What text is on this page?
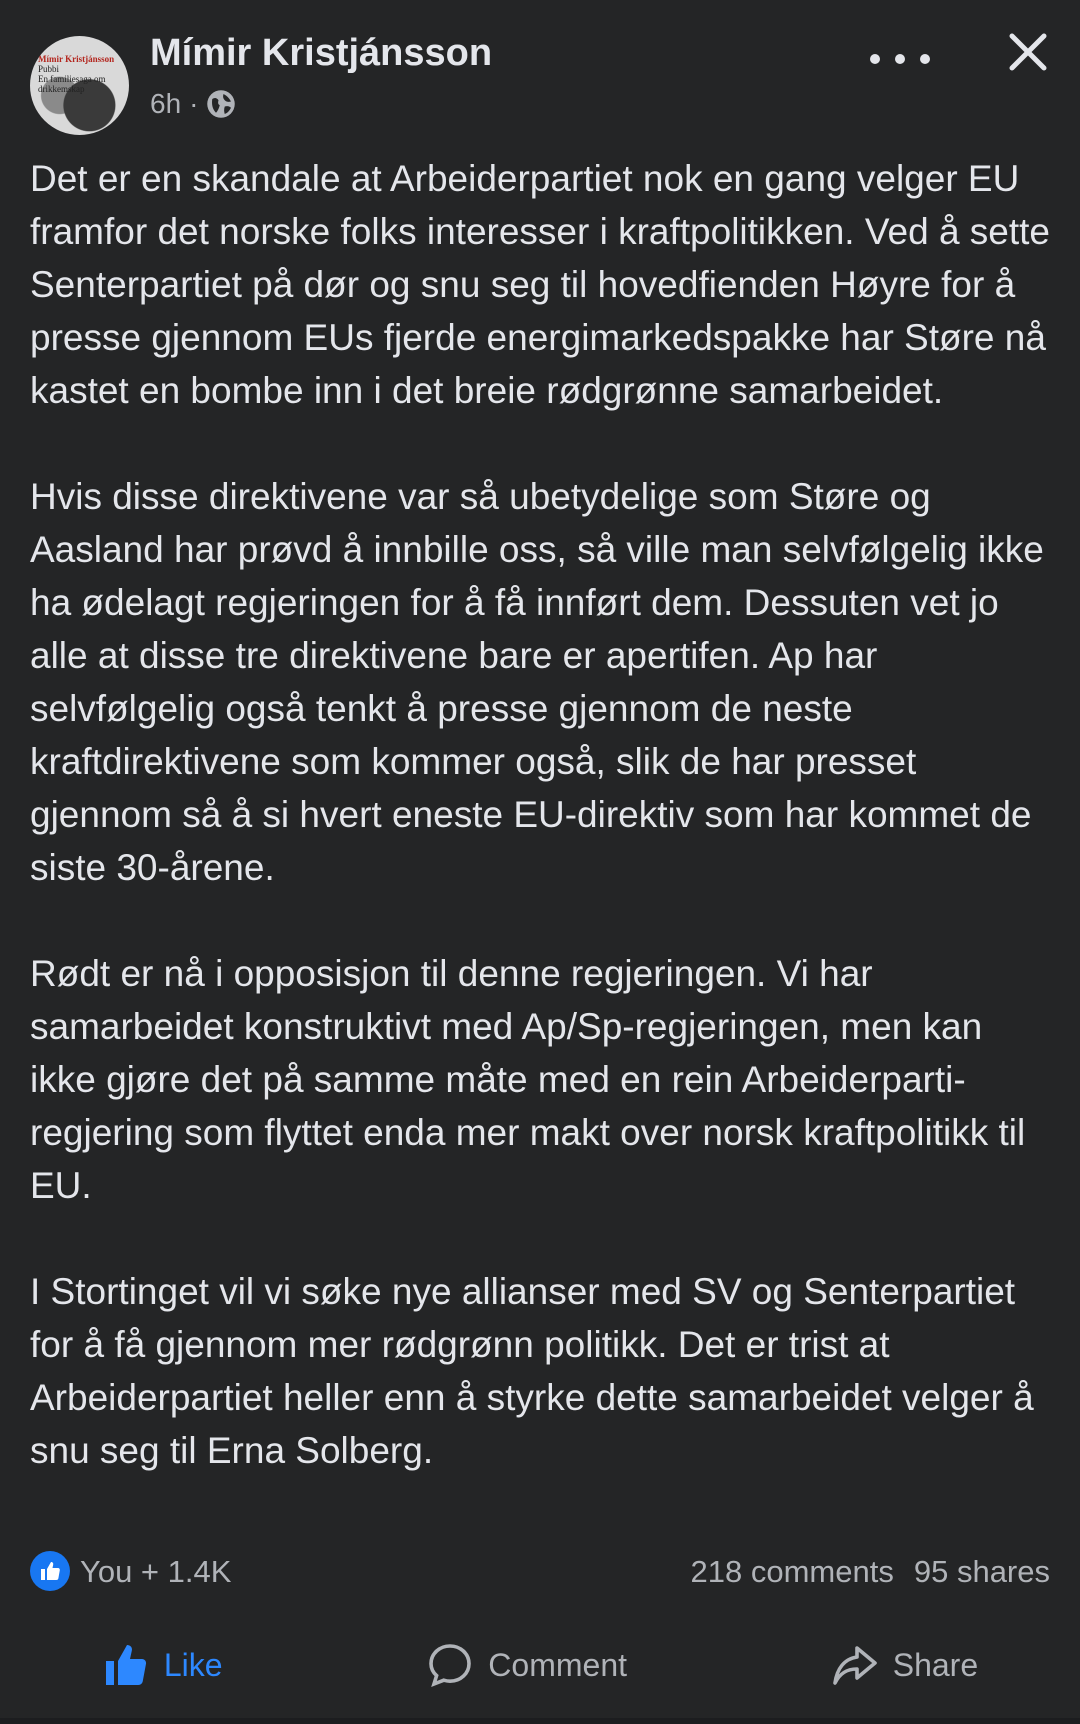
Mímir Kristjánsson
Pubbi
En familiesaga om drikkemskap
Mímir Kristjánsson
6h ·

Det er en skandale at Arbeiderpartiet nok en gang velger EU framfor det norske folks interesser i kraftpolitikken. Ved å sette Senterpartiet på dør og snu seg til hovedfienden Høyre for å presse gjennom EUs fjerde energimarkedspakke har Støre nå kastet en bombe inn i det breie rødgrønne samarbeidet.

Hvis disse direktivene var så ubetydelige som Støre og Aasland har prøvd å innbille oss, så ville man selvfølgelig ikke ha ødelagt regjeringen for å få innført dem. Dessuten vet jo alle at disse tre direktivene bare er apertifen. Ap har selvfølgelig også tenkt å presse gjennom de neste kraftdirektivene som kommer også, slik de har presset gjennom så å si hvert eneste EU-direktiv som har kommet de siste 30-årene.

Rødt er nå i opposisjon til denne regjeringen. Vi har samarbeidet konstruktivt med Ap/Sp-regjeringen, men kan ikke gjøre det på samme måte med en rein Arbeiderparti-regjering som flyttet enda mer makt over norsk kraftpolitikk til EU.

I Stortinget vil vi søke nye allianser med SV og Senterpartiet for å få gjennom mer rødgrønn politikk. Det er trist at Arbeiderpartiet heller enn å styrke dette samarbeidet velger å snu seg til Erna Solberg.

You + 1.4K	218 comments 95 shares
Like	Comment	Share
